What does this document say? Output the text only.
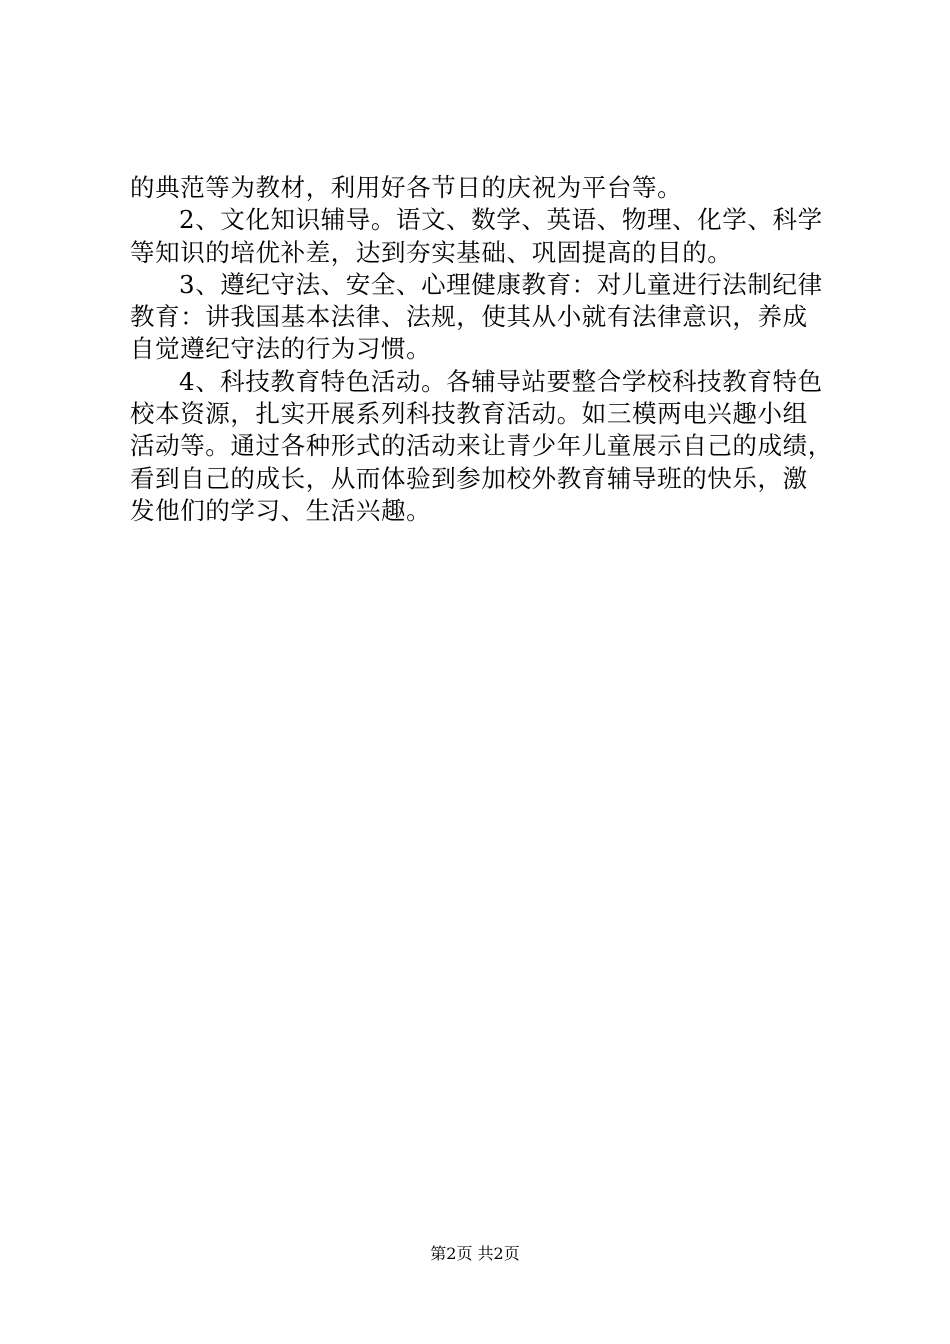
的典范等为教材，利用好各节日的庆祝为平台等。
2、文化知识辅导。语文、数学、英语、物理、化学、科学
等知识的培优补差，达到夯实基础、巩固提高的目的。
3、遵纪守法、安全、心理健康教育：对儿童进行法制纪律
教育：讲我国基本法律、法规，使其从小就有法律意识，养成
自觉遵纪守法的行为习惯。
4、科技教育特色活动。各辅导站要整合学校科技教育特色
校本资源，扎实开展系列科技教育活动。如三模两电兴趣小组
活动等。通过各种形式的活动来让青少年儿童展示自己的成绩，
看到自己的成长，从而体验到参加校外教育辅导班的快乐，激
发他们的学习、生活兴趣。
第2页 共2页
